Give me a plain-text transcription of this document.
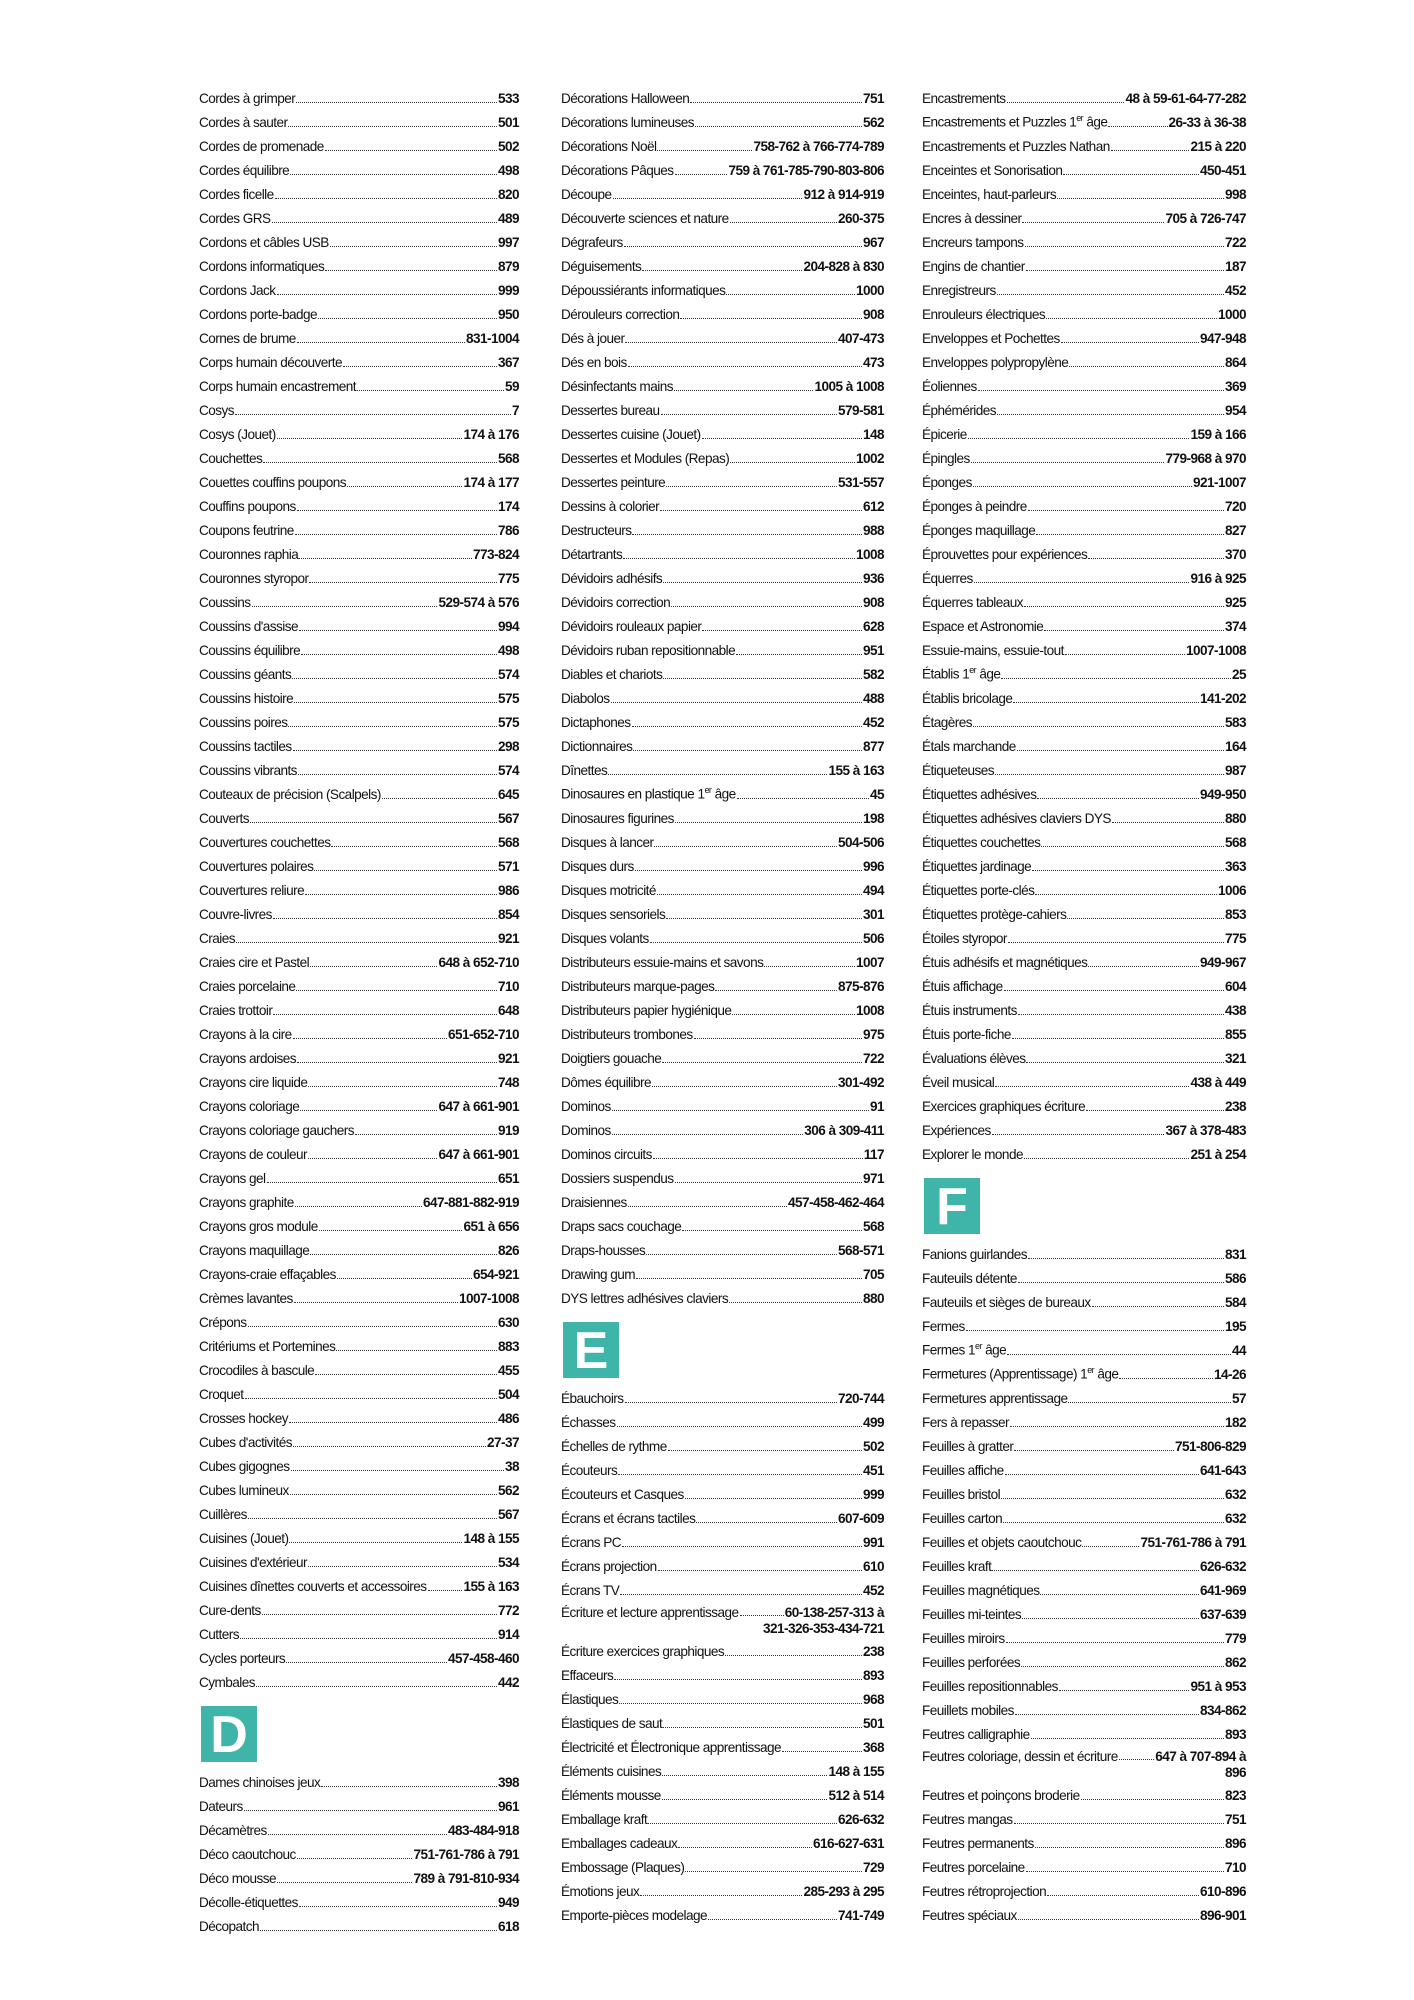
Cordes à grimper	533
Cordes à sauter	501
Cordes de promenade	502
Cordes équilibre	498
Cordes ficelle	820
Cordes GRS	489
Cordons et câbles USB	997
Cordons informatiques	879
Cordons Jack	999
Cordons porte-badge	950
Cornes de brume	831-1004
Corps humain découverte	367
Corps humain encastrement	59
Cosys	7
Cosys (Jouet)	174 à 176
Couchettes	568
Couettes couffins poupons	174 à 177
Couffins poupons	174
Coupons feutrine	786
Couronnes raphia	773-824
Couronnes styropor	775
Coussins	529-574 à 576
Coussins d'assise	994
Coussins équilibre	498
Coussins géants	574
Coussins histoire	575
Coussins poires	575
Coussins tactiles	298
Coussins vibrants	574
Couteaux de précision (Scalpels)	645
Couverts	567
Couvertures couchettes	568
Couvertures polaires	571
Couvertures reliure	986
Couvre-livres	854
Craies	921
Craies cire et Pastel	648 à 652-710
Craies porcelaine	710
Craies trottoir	648
Crayons à la cire	651-652-710
Crayons ardoises	921
Crayons cire liquide	748
Crayons coloriage	647 à 661-901
Crayons coloriage gauchers	919
Crayons de couleur	647 à 661-901
Crayons gel	651
Crayons graphite	647-881-882-919
Crayons gros module	651 à 656
Crayons maquillage	826
Crayons-craie effaçables	654-921
Crèmes lavantes	1007-1008
Crépons	630
Critériums et Portemines	883
Crocodiles à bascule	455
Croquet	504
Crosses hockey	486
Cubes d'activités	27-37
Cubes gigognes	38
Cubes lumineux	562
Cuillères	567
Cuisines (Jouet)	148 à 155
Cuisines d'extérieur	534
Cuisines dînettes couverts et accessoires	155 à 163
Cure-dents	772
Cutters	914
Cycles porteurs	457-458-460
Cymbales	442
D
Dames chinoises jeux	398
Dateurs	961
Décamètres	483-484-918
Déco caoutchouc	751-761-786 à 791
Déco mousse	789 à 791-810-934
Décolle-étiquettes	949
Décopatch	618
Décorations Halloween	751
Décorations lumineuses	562
Décorations Noël	758-762 à 766-774-789
Décorations Pâques	759 à 761-785-790-803-806
Découpe	912 à 914-919
Découverte sciences et nature	260-375
Dégrafeurs	967
Déguisements	204-828 à 830
Dépoussiérants informatiques	1000
Dérouleurs correction	908
Dés à jouer	407-473
Dés en bois	473
Désinfectants mains	1005 à 1008
Dessertes bureau	579-581
Dessertes cuisine (Jouet)	148
Dessertes et Modules (Repas)	1002
Dessertes peinture	531-557
Dessins à colorier	612
Destructeurs	988
Détartrants	1008
Dévidoirs adhésifs	936
Dévidoirs correction	908
Dévidoirs rouleaux papier	628
Dévidoirs ruban repositionnable	951
Diables et chariots	582
Diabolos	488
Dictaphones	452
Dictionnaires	877
Dînettes	155 à 163
Dinosaures en plastique 1er âge	45
Dinosaures figurines	198
Disques à lancer	504-506
Disques durs	996
Disques motricité	494
Disques sensoriels	301
Disques volants	506
Distributeurs essuie-mains et savons	1007
Distributeurs marque-pages	875-876
Distributeurs papier hygiénique	1008
Distributeurs trombones	975
Doigtiers gouache	722
Dômes équilibre	301-492
Dominos	91
Dominos	306 à 309-411
Dominos circuits	117
Dossiers suspendus	971
Draisiennes	457-458-462-464
Draps sacs couchage	568
Draps-housses	568-571
Drawing gum	705
DYS lettres adhésives claviers	880
E
Ébauchoirs	720-744
Échasses	499
Échelles de rythme	502
Écouteurs	451
Écouteurs et Casques	999
Écrans et écrans tactiles	607-609
Écrans PC	991
Écrans projection	610
Écrans TV	452
Écriture et lecture apprentissage	60-138-257-313 à
321-326-353-434-721
Écriture exercices graphiques	238
Effaceurs	893
Élastiques	968
Élastiques de saut	501
Électricité et Électronique apprentissage	368
Éléments cuisines	148 à 155
Éléments mousse	512 à 514
Emballage kraft	626-632
Emballages cadeaux	616-627-631
Embossage (Plaques)	729
Émotions jeux	285-293 à 295
Emporte-pièces modelage	741-749
Encastrements	48 à 59-61-64-77-282
Encastrements et Puzzles 1er âge	26-33 à 36-38
Encastrements et Puzzles Nathan	215 à 220
Enceintes et Sonorisation	450-451
Enceintes, haut-parleurs	998
Encres à dessiner	705 à 726-747
Encreurs tampons	722
Engins de chantier	187
Enregistreurs	452
Enrouleurs électriques	1000
Enveloppes et Pochettes	947-948
Enveloppes polypropylène	864
Éoliennes	369
Éphémérides	954
Épicerie	159 à 166
Épingles	779-968 à 970
Éponges	921-1007
Éponges à peindre	720
Éponges maquillage	827
Éprouvettes pour expériences	370
Équerres	916 à 925
Équerres tableaux	925
Espace et Astronomie	374
Essuie-mains, essuie-tout	1007-1008
Établis 1er âge	25
Établis bricolage	141-202
Étagères	583
Étals marchande	164
Étiqueteuses	987
Étiquettes adhésives	949-950
Étiquettes adhésives claviers DYS	880
Étiquettes couchettes	568
Étiquettes jardinage	363
Étiquettes porte-clés	1006
Étiquettes protège-cahiers	853
Étoiles styropor	775
Étuis adhésifs et magnétiques	949-967
Étuis affichage	604
Étuis instruments	438
Étuis porte-fiche	855
Évaluations élèves	321
Éveil musical	438 à 449
Exercices graphiques écriture	238
Expériences	367 à 378-483
Explorer le monde	251 à 254
F
Fanions guirlandes	831
Fauteuils détente	586
Fauteuils et sièges de bureaux	584
Fermes	195
Fermes 1er âge	44
Fermetures (Apprentissage) 1er âge	14-26
Fermetures apprentissage	57
Fers à repasser	182
Feuilles à gratter	751-806-829
Feuilles affiche	641-643
Feuilles bristol	632
Feuilles carton	632
Feuilles et objets caoutchouc	751-761-786 à 791
Feuilles kraft	626-632
Feuilles magnétiques	641-969
Feuilles mi-teintes	637-639
Feuilles miroirs	779
Feuilles perforées	862
Feuilles repositionnables	951 à 953
Feuillets mobiles	834-862
Feutres calligraphie	893
Feutres coloriage, dessin et écriture	647 à 707-894 à
896
Feutres et poinçons broderie	823
Feutres mangas	751
Feutres permanents	896
Feutres porcelaine	710
Feutres rétroprojection	610-896
Feutres spéciaux	896-901
